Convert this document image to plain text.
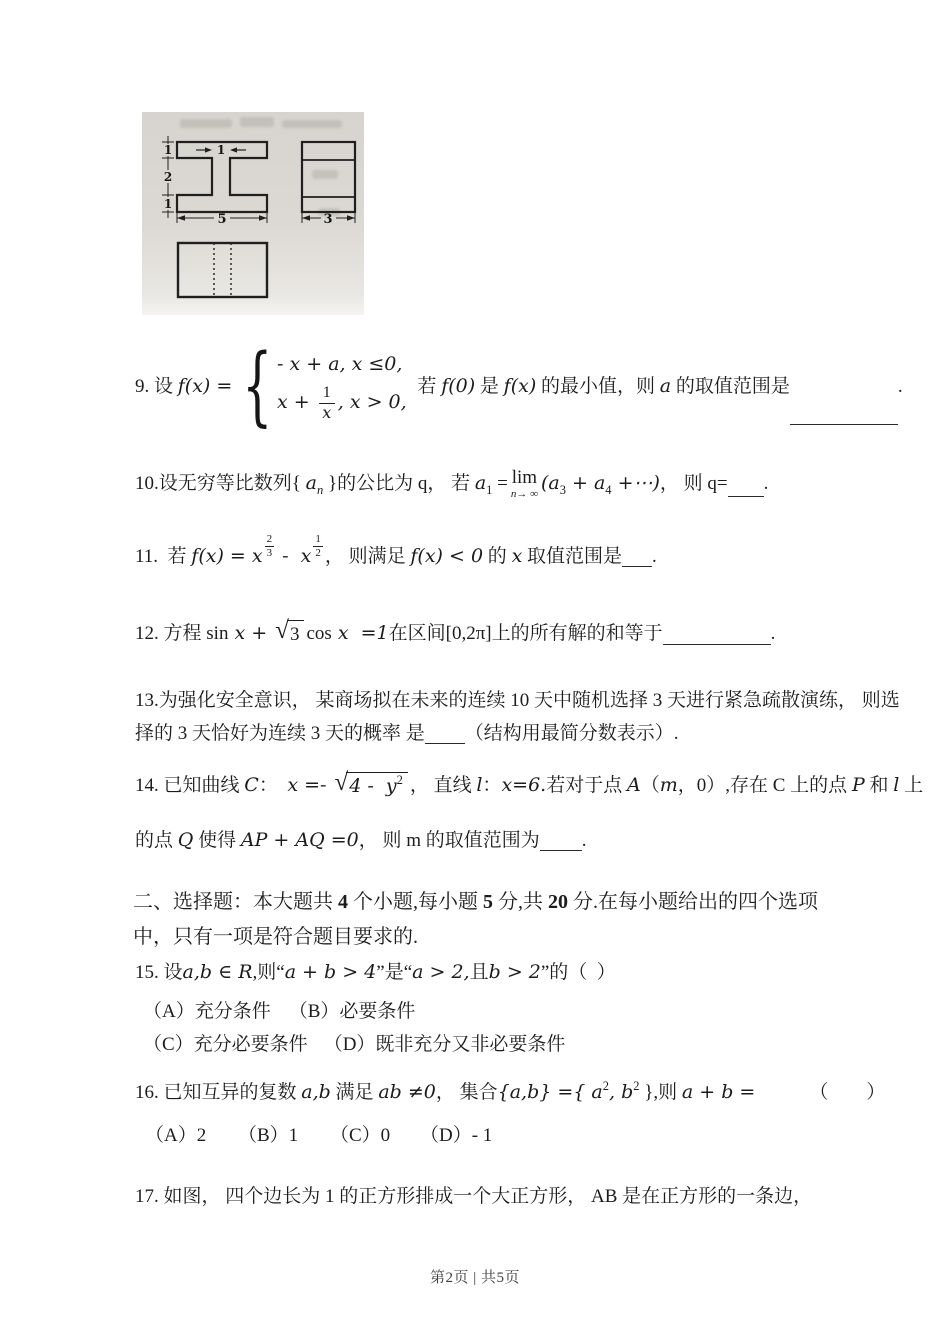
1
2
1
1
5	3
9. 设 f(x) = { - x + a, x ≤0,
$x + \frac{1}{x}$ , x > 0,
若 f(0) 是 f(x) 的最小值，则 a 的取值范围是	.
10.设无穷等比数列{ a n }的公比为 q， 若 a 1 = lim
n→ ∞ (a 3 + a 4 +⋯) ， 则 q= .
11.  若 f(x) = x $\frac{2}{3}$ -  x $\frac{1}{2}$ ， 则满足 f(x) < 0 的 x 取值范围是 .
12. 方程 sin x + √ 3 cos x  =1 在区间 [0,2π] 上的所有解的和等于	.
13.为强化安全意识， 某商场拟在未来的连续 10 天中随机选择 3 天进行紧急疏散演练， 则选
择的 3 天恰好为连续 3 天的概率 是 （结构用最简分数表示）.
14. 已知曲线 C ： x =- √ 4 -  y 2 ， 直线 l ： x=6. 若对于点 A （ m ，0）,存在 C 上的点 P 和 l 上
的点 Q 使得 AP + AQ =0 ， 则 m 的取值范围为 .
二、选择题：本大题共 4 个小题,每小题 5 分,共 20 分.在每小题给出的四个选项
中，只有一项是符合题目要求的.
15. 设 a,b ∈ R ,则“ a + b > 4 ”是“ a > 2, 且 b > 2 ”的（  ）
（A）充分条件 （B）必要条件
（C）充分必要条件 （D）既非充分又非必要条件
16. 已知互异的复数 a,b 满足 ab ≠0 ， 集合 {a,b} ={ a 2 , b 2 },则 a + b =	（        ）
（A）2	（B）1	（C）0	（D）- 1
17. 如图， 四个边长为 1 的正方形排成一个大正方形， AB 是在正方形的一条边，
第2页 | 共5页
